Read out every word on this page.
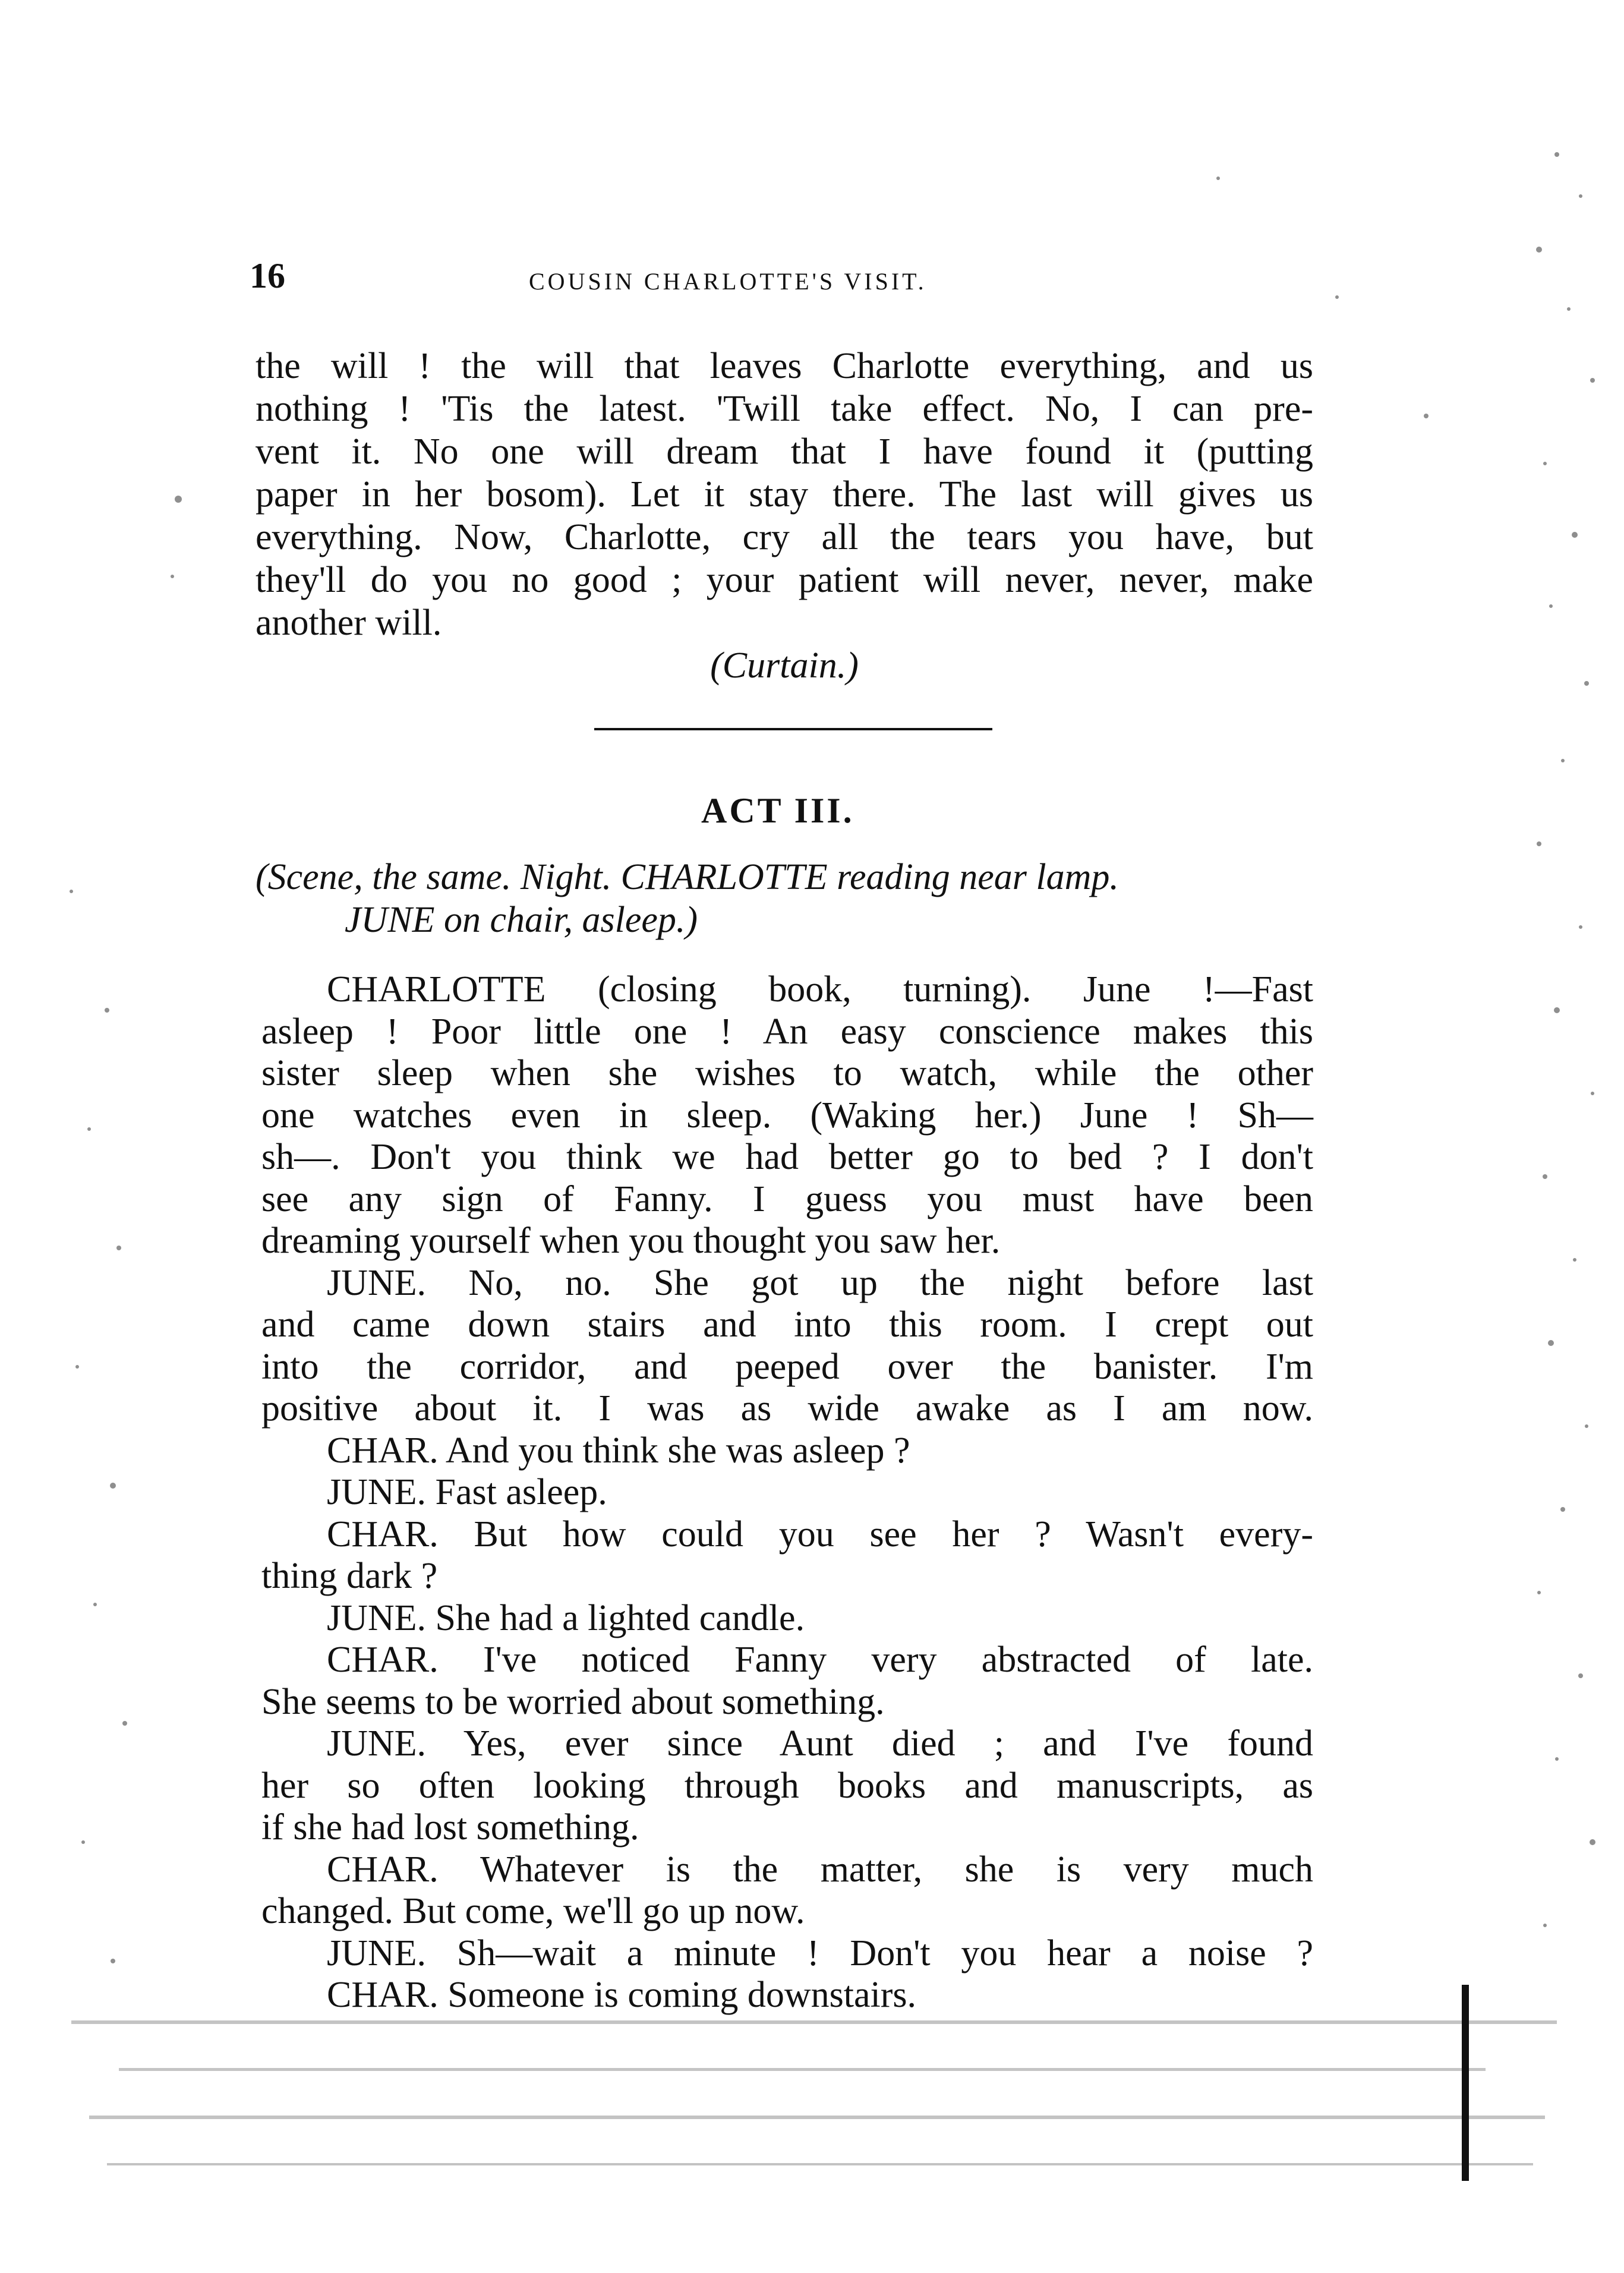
16	COUSIN CHARLOTTE'S VISIT.
the will ! the will that leaves Charlotte everything, and us
nothing ! 'Tis the latest. 'Twill take effect. No, I can pre-
vent it. No one will dream that I have found it (putting
paper in her bosom). Let it stay there. The last will gives us
everything. Now, Charlotte, cry all the tears you have, but
they'll do you no good ; your patient will never, never, make
another will.
(Curtain.)
ACT III.
(Scene, the same. Night. CHARLOTTE reading near lamp.
JUNE on chair, asleep.)
CHARLOTTE (closing book, turning). June !—Fast
asleep ! Poor little one ! An easy conscience makes this
sister sleep when she wishes to watch, while the other
one watches even in sleep. (Waking her.) June ! Sh—
sh—. Don't you think we had better go to bed ? I don't
see any sign of Fanny. I guess you must have been
dreaming yourself when you thought you saw her.
JUNE. No, no. She got up the night before last
and came down stairs and into this room. I crept out
into the corridor, and peeped over the banister. I'm
positive about it. I was as wide awake as I am now.
CHAR. And you think she was asleep ?
JUNE. Fast asleep.
CHAR. But how could you see her ? Wasn't every-
thing dark ?
JUNE. She had a lighted candle.
CHAR. I've noticed Fanny very abstracted of late.
She seems to be worried about something.
JUNE. Yes, ever since Aunt died ; and I've found
her so often looking through books and manuscripts, as
if she had lost something.
CHAR. Whatever is the matter, she is very much
changed. But come, we'll go up now.
JUNE. Sh—wait a minute ! Don't you hear a noise ?
CHAR. Someone is coming downstairs.
